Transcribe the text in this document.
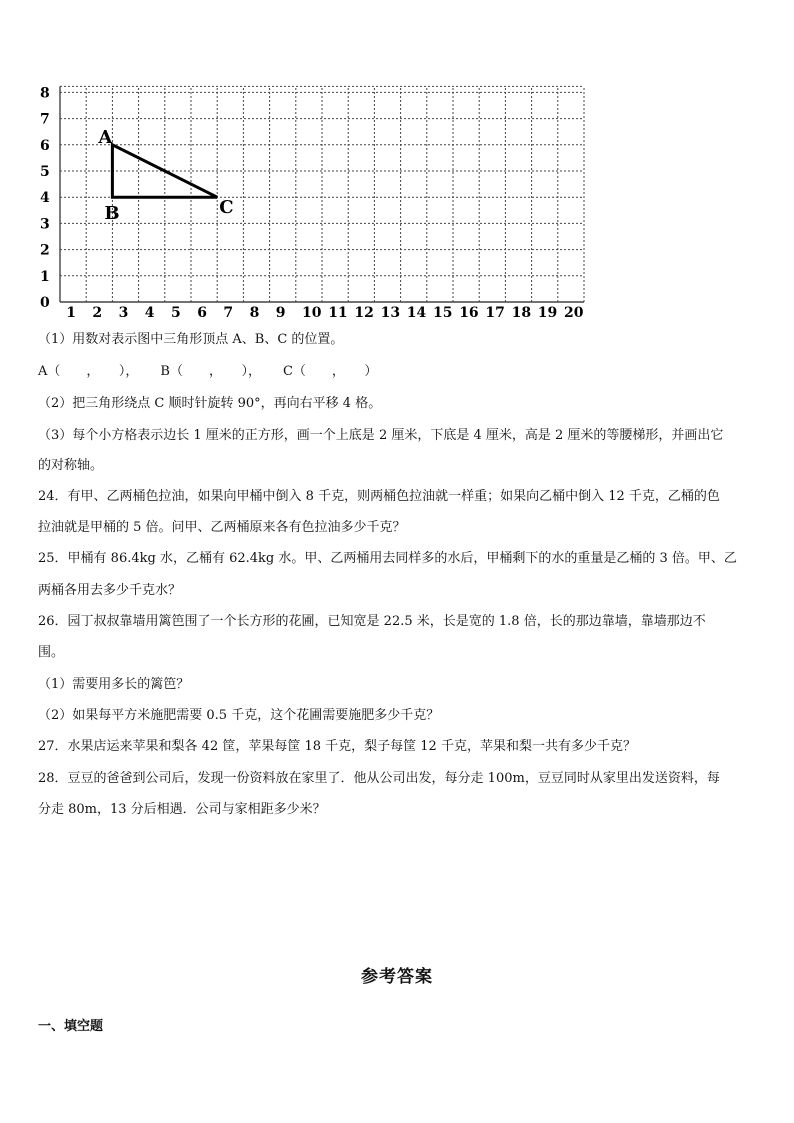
1 2 3 4 5 6 7 8 9 10 11 12 13 14 15 16 17 18 19 20
0
1
2
3
4
5
6
7
8
A
B	C
（1）用数对表示图中三角形顶点 A、B、C 的位置。
A（　　，　　）， B（　　，　　）， C（　　，　　）
（2）把三角形绕点 C 顺时针旋转 90°，再向右平移 4 格。
（3）每个小方格表示边长 1 厘米的正方形，画一个上底是 2 厘米，下底是 4 厘米，高是 2 厘米的等腰梯形，并画出它
的对称轴。
24．有甲、乙两桶色拉油，如果向甲桶中倒入 8 千克，则两桶色拉油就一样重；如果向乙桶中倒入 12 千克，乙桶的色
拉油就是甲桶的 5 倍。问甲、乙两桶原来各有色拉油多少千克？
25．甲桶有 86.4kg 水，乙桶有 62.4kg 水。甲、乙两桶用去同样多的水后，甲桶剩下的水的重量是乙桶的 3 倍。甲、乙
两桶各用去多少千克水？
26．园丁叔叔靠墙用篱笆围了一个长方形的花圃，已知宽是 22.5 米，长是宽的 1.8 倍，长的那边靠墙，靠墙那边不
围。
（1）需要用多长的篱笆？
（2）如果每平方米施肥需要 0.5 千克，这个花圃需要施肥多少千克？
27．水果店运来苹果和梨各 42 筐，苹果每筐 18 千克，梨子每筐 12 千克，苹果和梨一共有多少千克？
28．豆豆的爸爸到公司后，发现一份资料放在家里了．他从公司出发，每分走 100m，豆豆同时从家里出发送资料，每
分走 80m，13 分后相遇．公司与家相距多少米？
参考答案
一、填空题
